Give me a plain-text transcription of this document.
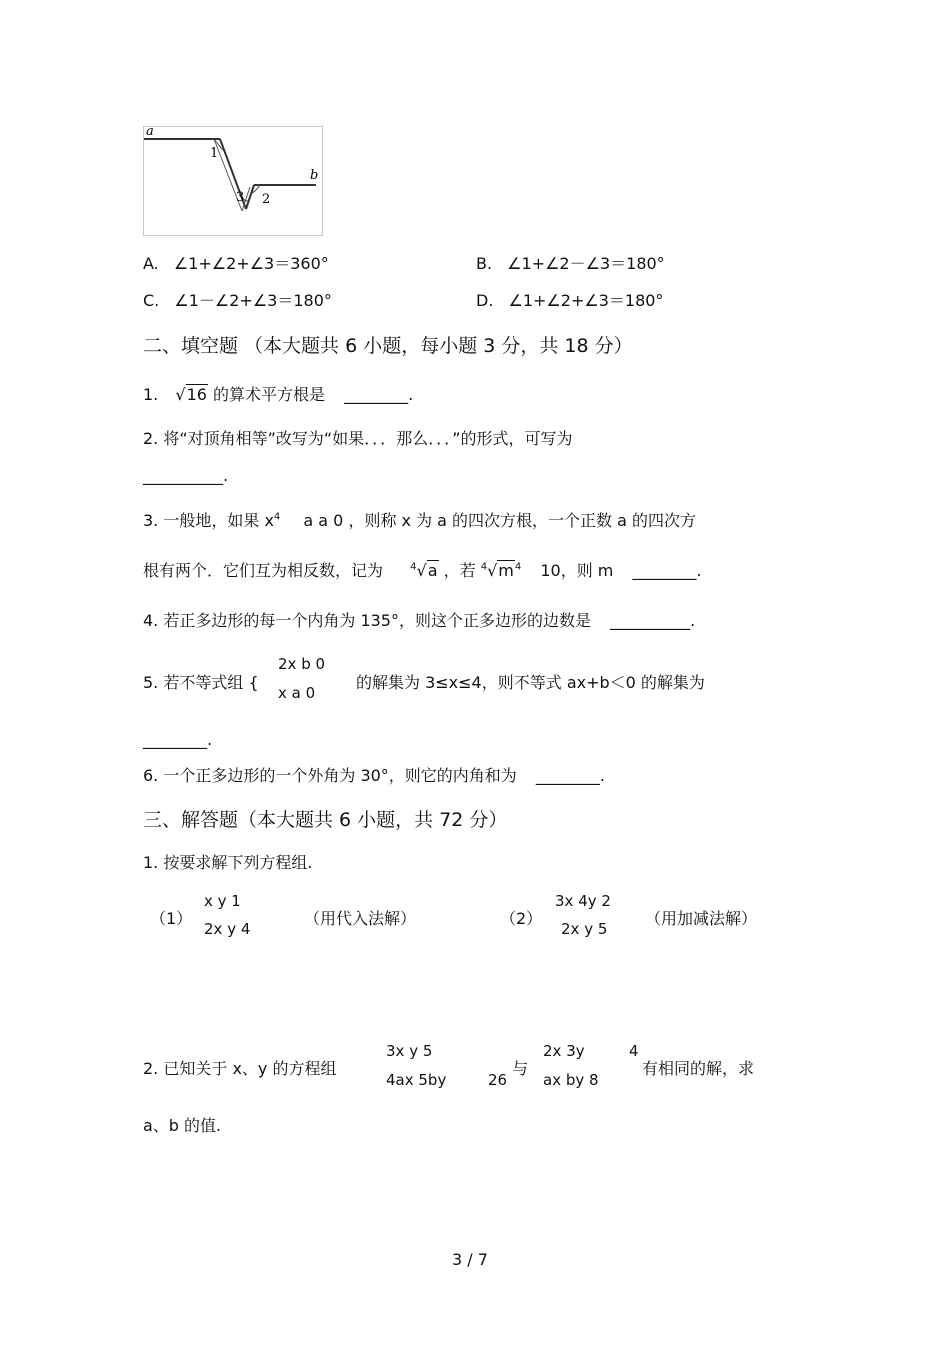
a
b
1
2
3
A. ∠1+∠2+∠3＝360°	B. ∠1+∠2－∠3＝180°
C. ∠1－∠2+∠3＝180°	D. ∠1+∠2+∠3＝180°
二、填空题 （本大题共 6 小题，每小题 3 分，共 18 分）
1. √16 的算术平方根是 ________.
2. 将“对顶角相等”改写为“如果．．．那么．．．”的形式，可写为
__________.
3. 一般地，如果 $x^4$ a a 0 ，则称 x 为 a 的四次方根，一个正数 a 的四次方
根有两个．它们互为相反数，记为	$^4$√a ，若 $^4√m^4$ 10，则 m ________.
4. 若正多边形的每一个内角为 135°，则这个正多边形的边数是 __________.
5. 若不等式组 {
2x b 0
x a 0
的解集为 3≤x≤4，则不等式 ax+b＜0 的解集为
________.
6. 一个正多边形的一个外角为 30°，则它的内角和为 ________.
三、解答题（本大题共 6 小题，共 72 分）
1. 按要求解下列方程组.
（1）
x y 1
2x y 4
（用代入法解）	（2）
3x 4y 2
2x y 5
（用加减法解）
2. 已知关于 x、y 的方程组
3x y 5
4ax 5by	26
与
2x 3y	4
ax by 8
有相同的解，求
a、b 的值.
3 / 7
